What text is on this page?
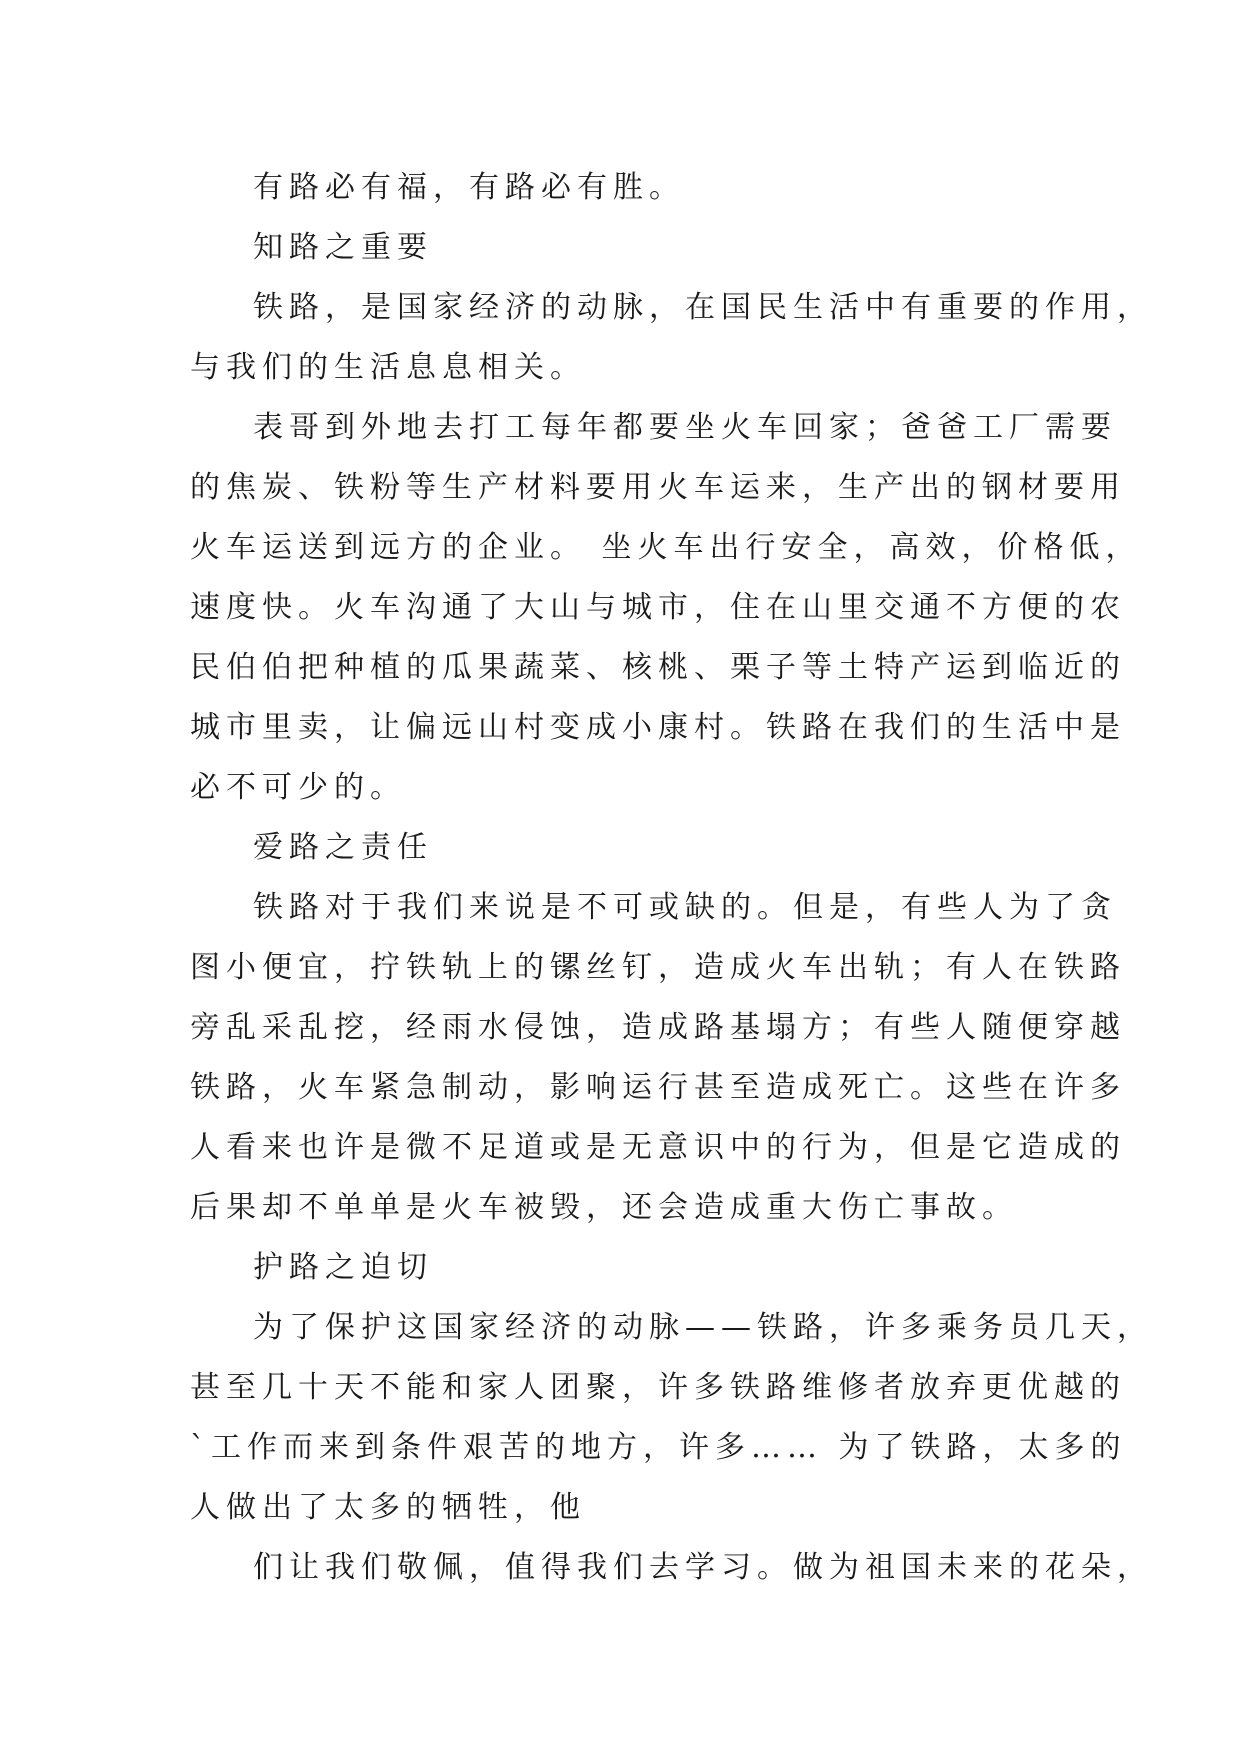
有路必有福，有路必有胜。
知路之重要
铁路，是国家经济的动脉，在国民生活中有重要的作用，
与我们的生活息息相关。
表哥到外地去打工每年都要坐火车回家；爸爸工厂需要
的焦炭、铁粉等生产材料要用火车运来，生产出的钢材要用
火车运送到远方的企业。 坐火车出行安全，高效，价格低，
速度快。火车沟通了大山与城市，住在山里交通不方便的农
民伯伯把种植的瓜果蔬菜、核桃、栗子等土特产运到临近的
城市里卖，让偏远山村变成小康村。铁路在我们的生活中是
必不可少的。
爱路之责任
铁路对于我们来说是不可或缺的。但是，有些人为了贪
图小便宜，拧铁轨上的镙丝钉，造成火车出轨；有人在铁路
旁乱采乱挖，经雨水侵蚀，造成路基塌方；有些人随便穿越
铁路，火车紧急制动，影响运行甚至造成死亡。这些在许多
人看来也许是微不足道或是无意识中的行为，但是它造成的
后果却不单单是火车被毁，还会造成重大伤亡事故。
护路之迫切
为了保护这国家经济的动脉——铁路，许多乘务员几天，
甚至几十天不能和家人团聚，许多铁路维修者放弃更优越的
`工作而来到条件艰苦的地方，许多…… 为了铁路，太多的
人做出了太多的牺牲，他
们让我们敬佩，值得我们去学习。做为祖国未来的花朵，
